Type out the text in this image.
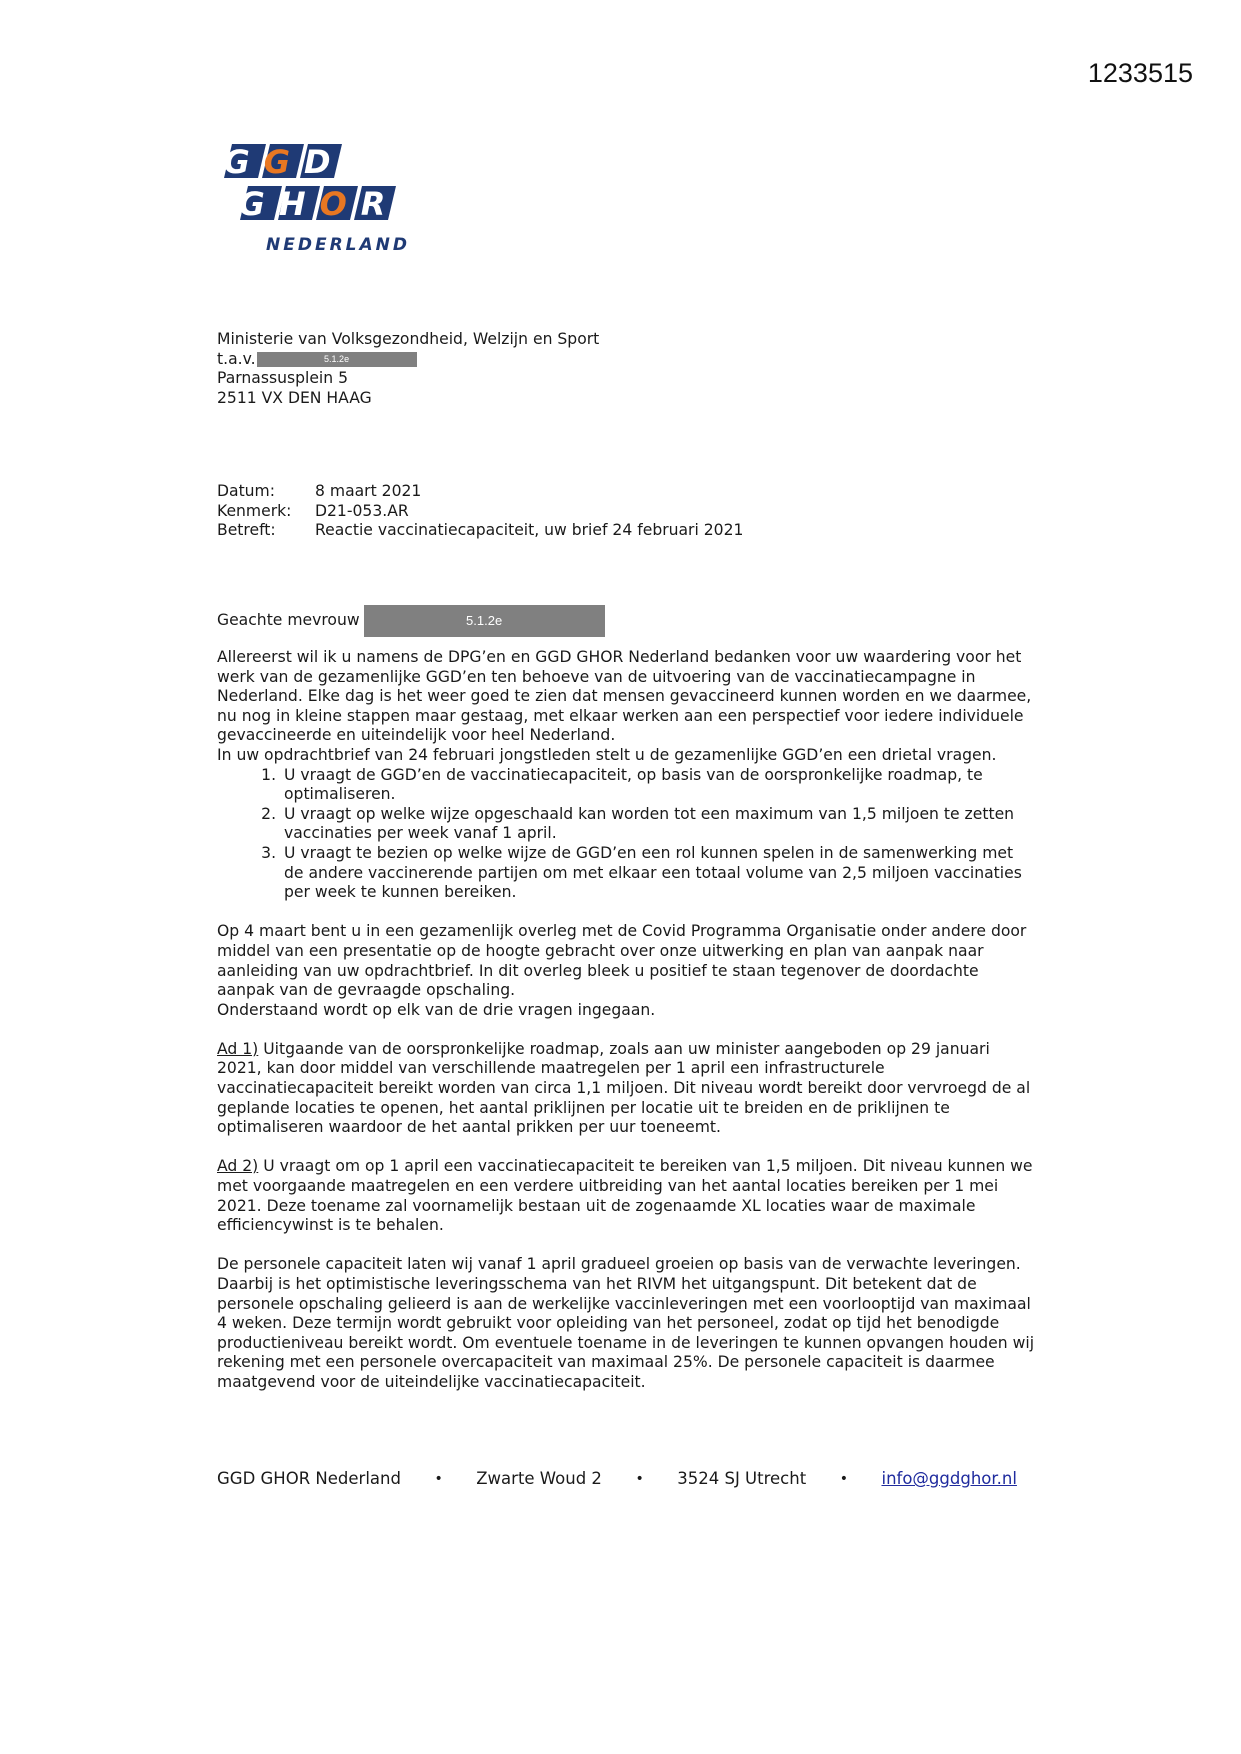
1233515
GGD
GHOR
NEDERLAND
Ministerie van Volksgezondheid, Welzijn en Sport
t.a.v.	5.1.2e
Parnassusplein 5
2511 VX DEN HAAG
Datum:	8 maart 2021
Kenmerk:	D21-053.AR
Betreft:	Reactie vaccinatiecapaciteit, uw brief 24 februari 2021
Geachte mevrouw	5.1.2e

Allereerst wil ik u namens de DPG’en en GGD GHOR Nederland bedanken voor uw waardering voor het werk van de gezamenlijke GGD’en ten behoeve van de uitvoering van de vaccinatiecampagne in Nederland. Elke dag is het weer goed te zien dat mensen gevaccineerd kunnen worden en we daarmee, nu nog in kleine stappen maar gestaag, met elkaar werken aan een perspectief voor iedere individuele gevaccineerde en uiteindelijk voor heel Nederland.

In uw opdrachtbrief van 24 februari jongstleden stelt u de gezamenlijke GGD’en een drietal vragen.

1. U vraagt de GGD’en de vaccinatiecapaciteit, op basis van de oorspronkelijke roadmap, te optimaliseren.
2. U vraagt op welke wijze opgeschaald kan worden tot een maximum van 1,5 miljoen te zetten vaccinaties per week vanaf 1 april.
3. U vraagt te bezien op welke wijze de GGD’en een rol kunnen spelen in de samenwerking met de andere vaccinerende partijen om met elkaar een totaal volume van 2,5 miljoen vaccinaties per week te kunnen bereiken.

Op 4 maart bent u in een gezamenlijk overleg met de Covid Programma Organisatie onder andere door middel van een presentatie op de hoogte gebracht over onze uitwerking en plan van aanpak naar aanleiding van uw opdrachtbrief. In dit overleg bleek u positief te staan tegenover de doordachte aanpak van de gevraagde opschaling.

Onderstaand wordt op elk van de drie vragen ingegaan.

Ad 1) Uitgaande van de oorspronkelijke roadmap, zoals aan uw minister aangeboden op 29 januari 2021, kan door middel van verschillende maatregelen per 1 april een infrastructurele vaccinatiecapaciteit bereikt worden van circa 1,1 miljoen. Dit niveau wordt bereikt door vervroegd de al geplande locaties te openen, het aantal priklijnen per locatie uit te breiden en de priklijnen te optimaliseren waardoor de het aantal prikken per uur toeneemt.

Ad 2) U vraagt om op 1 april een vaccinatiecapaciteit te bereiken van 1,5 miljoen. Dit niveau kunnen we met voorgaande maatregelen en een verdere uitbreiding van het aantal locaties bereiken per 1 mei 2021. Deze toename zal voornamelijk bestaan uit de zogenaamde XL locaties waar de maximale efficiencywinst is te behalen.

De personele capaciteit laten wij vanaf 1 april gradueel groeien op basis van de verwachte leveringen. Daarbij is het optimistische leveringsschema van het RIVM het uitgangspunt. Dit betekent dat de personele opschaling gelieerd is aan de werkelijke vaccinleveringen met een voorlooptijd van maximaal 4 weken. Deze termijn wordt gebruikt voor opleiding van het personeel, zodat op tijd het benodigde productieniveau bereikt wordt. Om eventuele toename in de leveringen te kunnen opvangen houden wij rekening met een personele overcapaciteit van maximaal 25%. De personele capaciteit is daarmee maatgevend voor de uiteindelijke vaccinatiecapaciteit.

GGD GHOR Nederland • Zwarte Woud 2 • 3524 SJ Utrecht • info@ggdghor.nl
